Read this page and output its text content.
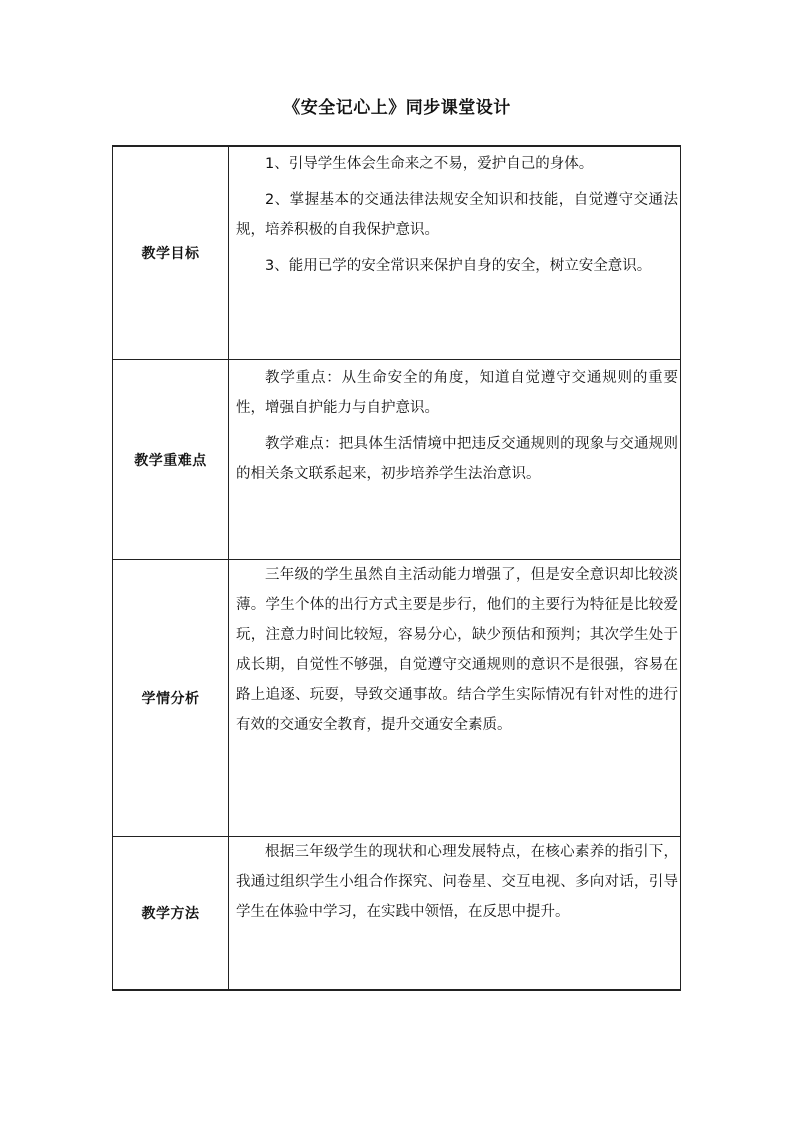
《安全记心上》同步课堂设计
教学目标	1、引导学生体会生命来之不易，爱护自己的身体。

2、掌握基本的交通法律法规安全知识和技能，自觉遵守交通法规，培养积极的自我保护意识。

3、能用已学的安全常识来保护自身的安全，树立安全意识。

教学重难点	教学重点：从生命安全的角度，知道自觉遵守交通规则的重要性，增强自护能力与自护意识。

教学难点：把具体生活情境中把违反交通规则的现象与交通规则的相关条文联系起来，初步培养学生法治意识。

学情分析	三年级的学生虽然自主活动能力增强了，但是安全意识却比较淡薄。学生个体的出行方式主要是步行，他们的主要行为特征是比较爱玩，注意力时间比较短，容易分心，缺少预估和预判；其次学生处于成长期，自觉性不够强，自觉遵守交通规则的意识不是很强，容易在路上追逐、玩耍，导致交通事故。结合学生实际情况有针对性的进行有效的交通安全教育，提升交通安全素质。

教学方法	根据三年级学生的现状和心理发展特点，在核心素养的指引下，我通过组织学生小组合作探究、问卷星、交互电视、多向对话，引导学生在体验中学习，在实践中领悟，在反思中提升。
